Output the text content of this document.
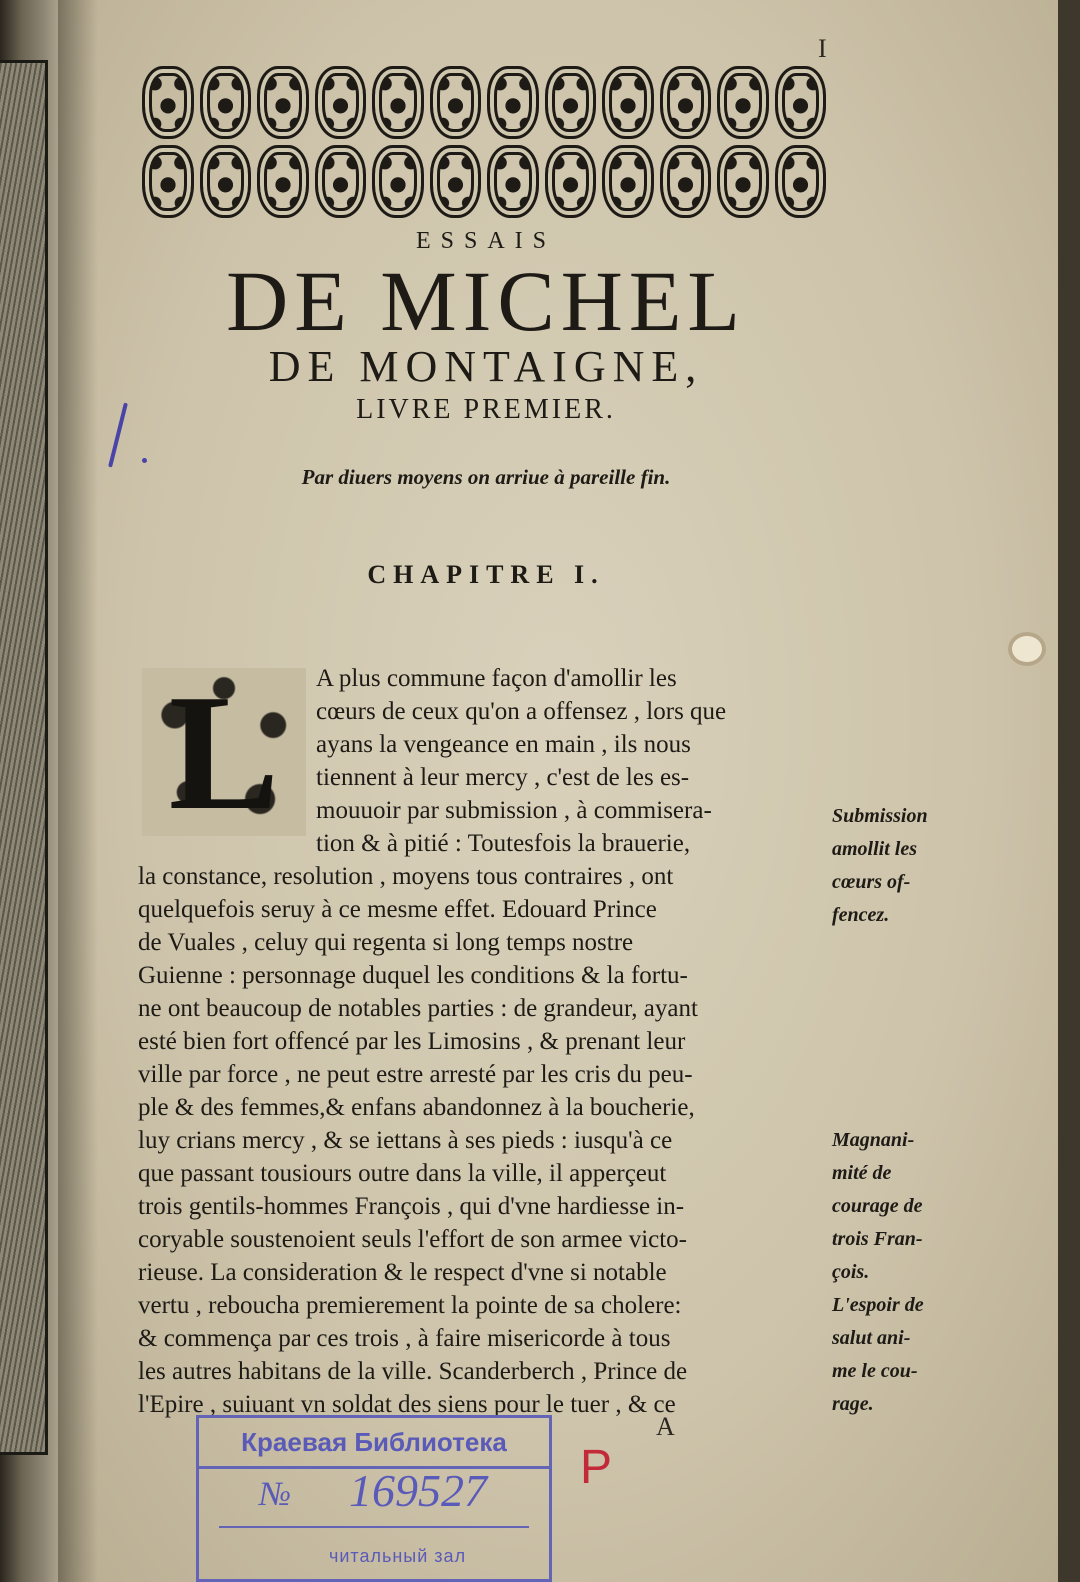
I
ESSAIS
DE MICHEL
DE MONTAIGNE,
LIVRE PREMIER.
Par diuers moyens on arriue à pareille fin.
CHAPITRE I.
L	A plus commune façon d'amollir les
cœurs de ceux qu'on a offensez , lors que
ayans la vengeance en main , ils nous
tiennent à leur mercy , c'est de les es-
mouuoir par submission , à commisera-
tion & à pitié : Toutesfois la brauerie,
la constance, resolution , moyens tous contraires , ont
quelquefois seruy à ce mesme effet. Edouard Prince
de Vuales , celuy qui regenta si long temps nostre
Guienne : personnage duquel les conditions & la fortu-
ne ont beaucoup de notables parties : de grandeur, ayant
esté bien fort offencé par les Limosins , & prenant leur
ville par force , ne peut estre arresté par les cris du peu-
ple & des femmes,& enfans abandonnez à la boucherie,
luy crians mercy , & se iettans à ses pieds : iusqu'à ce
que passant tousiours outre dans la ville, il apperçeut
trois gentils-hommes François , qui d'vne hardiesse in-
coryable soustenoient seuls l'effort de son armee victo-
rieuse. La consideration & le respect d'vne si notable
vertu , reboucha premierement la pointe de sa cholere:
& commença par ces trois , à faire misericorde à tous
les autres habitans de la ville. Scanderberch , Prince de
l'Epire , suiuant vn soldat des siens pour le tuer , & ce
Submission
amollit les
cœurs of-
fencez.
Magnani-
mité de
courage de
trois Fran-
çois.
L'espoir de
salut ani-
me le cou-
rage.
A
Краевая Библиотека
№ 169527
читальный зал
P
